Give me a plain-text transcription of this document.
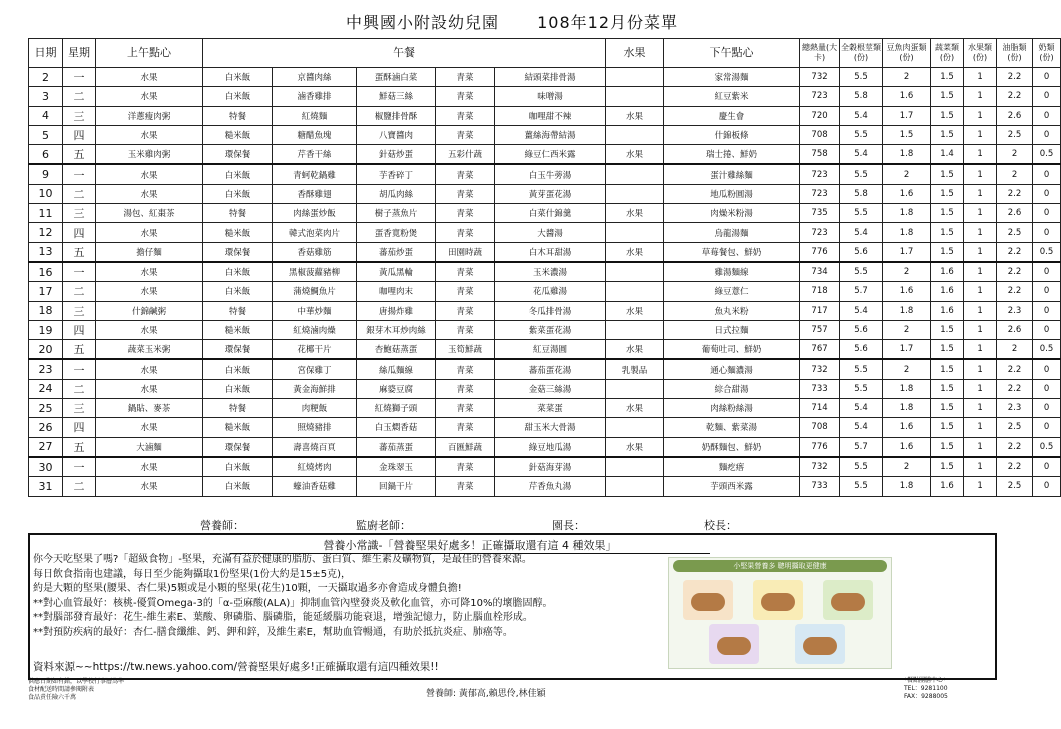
中興國小附設幼兒園 108年12月份菜單
日期	星期	上午點心	午餐					水果	下午點心	總熱量(大卡)	全穀根莖類(份)	豆魚肉蛋類(份)	蔬菜類(份)	水果類(份)	油脂類(份)	奶類(份)
2	一	水果	白米飯	京醬肉絲	蛋酥滷白菜	青菜	結頭菜排骨湯		家常湯麵	732	5.5	2	1.5	1	2.2	0
3	二	水果	白米飯	滷香雞排	鮮菇三絲	青菜	味噌湯		紅豆紫米	723	5.8	1.6	1.5	1	2.2	0
4	三	洋蔥瘦肉粥	特餐	紅燒麵	椒鹽排骨酥	青菜	咖哩甜不辣	水果	慶生會	720	5.4	1.7	1.5	1	2.6	0
5	四	水果	糙米飯	糖醋魚塊	八寶醬肉	青菜	薑絲海帶結湯		什錦板條	708	5.5	1.5	1.5	1	2.5	0
6	五	玉米雞肉粥	環保餐	芹香干絲	針菇炒蛋	五彩什蔬	綠豆仁西米露	水果	瑞士捲、鮮奶	758	5.4	1.8	1.4	1	2	0.5
9	一	水果	白米飯	青蚵乾鍋雞	芋香碎丁	青菜	白玉牛蒡湯		蛋汁雞絲麵	723	5.5	2	1.5	1	2	0
10	二	水果	白米飯	香酥雞翅	胡瓜肉絲	青菜	黃芽蛋花湯		地瓜粉圓湯	723	5.8	1.6	1.5	1	2.2	0
11	三	湯包、紅棗茶	特餐	肉絲蛋炒飯	樹子蒸魚片	青菜	白菜什錦羹	水果	肉燥米粉湯	735	5.5	1.8	1.5	1	2.6	0
12	四	水果	糙米飯	韓式泡菜肉片	蛋香寬粉煲	青菜	大醬湯		烏龍湯麵	723	5.4	1.8	1.5	1	2.5	0
13	五	擔仔麵	環保餐	香菇雞筋	蕃茄炒蛋	田園時蔬	白木耳甜湯	水果	草莓餐包、鮮奶	776	5.6	1.7	1.5	1	2.2	0.5
16	一	水果	白米飯	黑椒菠蘿豬柳	黃瓜黑輪	青菜	玉米濃湯		雞湯麵線	734	5.5	2	1.6	1	2.2	0
17	二	水果	白米飯	蒲燒鯛魚片	咖哩肉末	青菜	花瓜雞湯		綠豆薏仁	718	5.7	1.6	1.6	1	2.2	0
18	三	什錦鹹粥	特餐	中華炒麵	唐揚炸雞	青菜	冬瓜排骨湯	水果	魚丸米粉	717	5.4	1.8	1.6	1	2.3	0
19	四	水果	糙米飯	紅燒滷肉燥	銀芽木耳炒肉絲	青菜	紫菜蛋花湯		日式拉麵	757	5.6	2	1.5	1	2.6	0
20	五	蔬菜玉米粥	環保餐	花椰干片	杏鮑菇蒸蛋	玉筍鮮蔬	紅豆湯圓	水果	葡萄吐司、鮮奶	767	5.6	1.7	1.5	1	2	0.5
23	一	水果	白米飯	宮保雞丁	絲瓜麵線	青菜	蕃茄蛋花湯	乳製品	通心麵濃湯	732	5.5	2	1.5	1	2.2	0
24	二	水果	白米飯	黃金海鮮排	麻婆豆腐	青菜	金菇三絲湯		綜合甜湯	733	5.5	1.8	1.5	1	2.2	0
25	三	鍋貼、麥茶	特餐	肉粳飯	紅燒獅子頭	青菜	菜菜蛋	水果	肉絲粉絲湯	714	5.4	1.8	1.5	1	2.3	0
26	四	水果	糙米飯	照燒豬排	白玉燜香菇	青菜	甜玉米大骨湯		乾麵、紫菜湯	708	5.4	1.6	1.5	1	2.5	0
27	五	大滷麵	環保餐	壽喜燒百頁	蕃茄蒸蛋	百匯鮮蔬	綠豆地瓜湯	水果	奶酥麵包、鮮奶	776	5.7	1.6	1.5	1	2.2	0.5
30	一	水果	白米飯	紅燒烤肉	金珠翠玉	青菜	針菇海芽湯		麵疙瘩	732	5.5	2	1.5	1	2.2	0
31	二	水果	白米飯	蠔油香菇雞	回鍋干片	青菜	芹香魚丸湯		芋頭西米露	733	5.5	1.8	1.6	1	2.5	0
營養師：	監廚老師：	園長：	校長：
營養小常識-「營養堅果好處多！正確攝取還有這 4 種效果」
你今天吃堅果了嗎?「超級食物」-堅果，充滿有益於健康的脂肪、蛋白質、維生素及礦物質，是最佳的營養來源。
每日飲食指南也建議，每日至少能夠攝取1份堅果(1份大約是15±5克)，
約是大顆的堅果(腰果、杏仁果)5顆或是小顆的堅果(花生)10顆，一天攝取過多亦會造成身體負擔!
**對心血管最好：核桃-優質Omega-3的「α-亞麻酸(ALA)」抑制血管內壁發炎及軟化血管，亦可降10%的壞膽固醇。
**對腦部發育最好：花生-維生素E、葉酸、卵磷脂、腦磷脂，能延緩腦功能衰退，增強記憶力，防止腦血栓形成。
**對預防疾病的最好：杏仁-膳食纖維、鈣、鉀和鋅，及維生素E，幫助血管暢通，有助於抵抗炎症、肺癌等。
資料來源~~https://tw.news.yahoo.com/營養堅果好處多!正確攝取還有這四種效果!!
小堅果營養多 聰明攝取更健康
供應日期如有錯，以學校行事曆為準
食材配送時間請參閱附表
食品責任險六千萬	營養師: 黃郁高,賴思伶,林佳穎
*餐點團膳中心*
TEL：9281100
FAX：9288005
